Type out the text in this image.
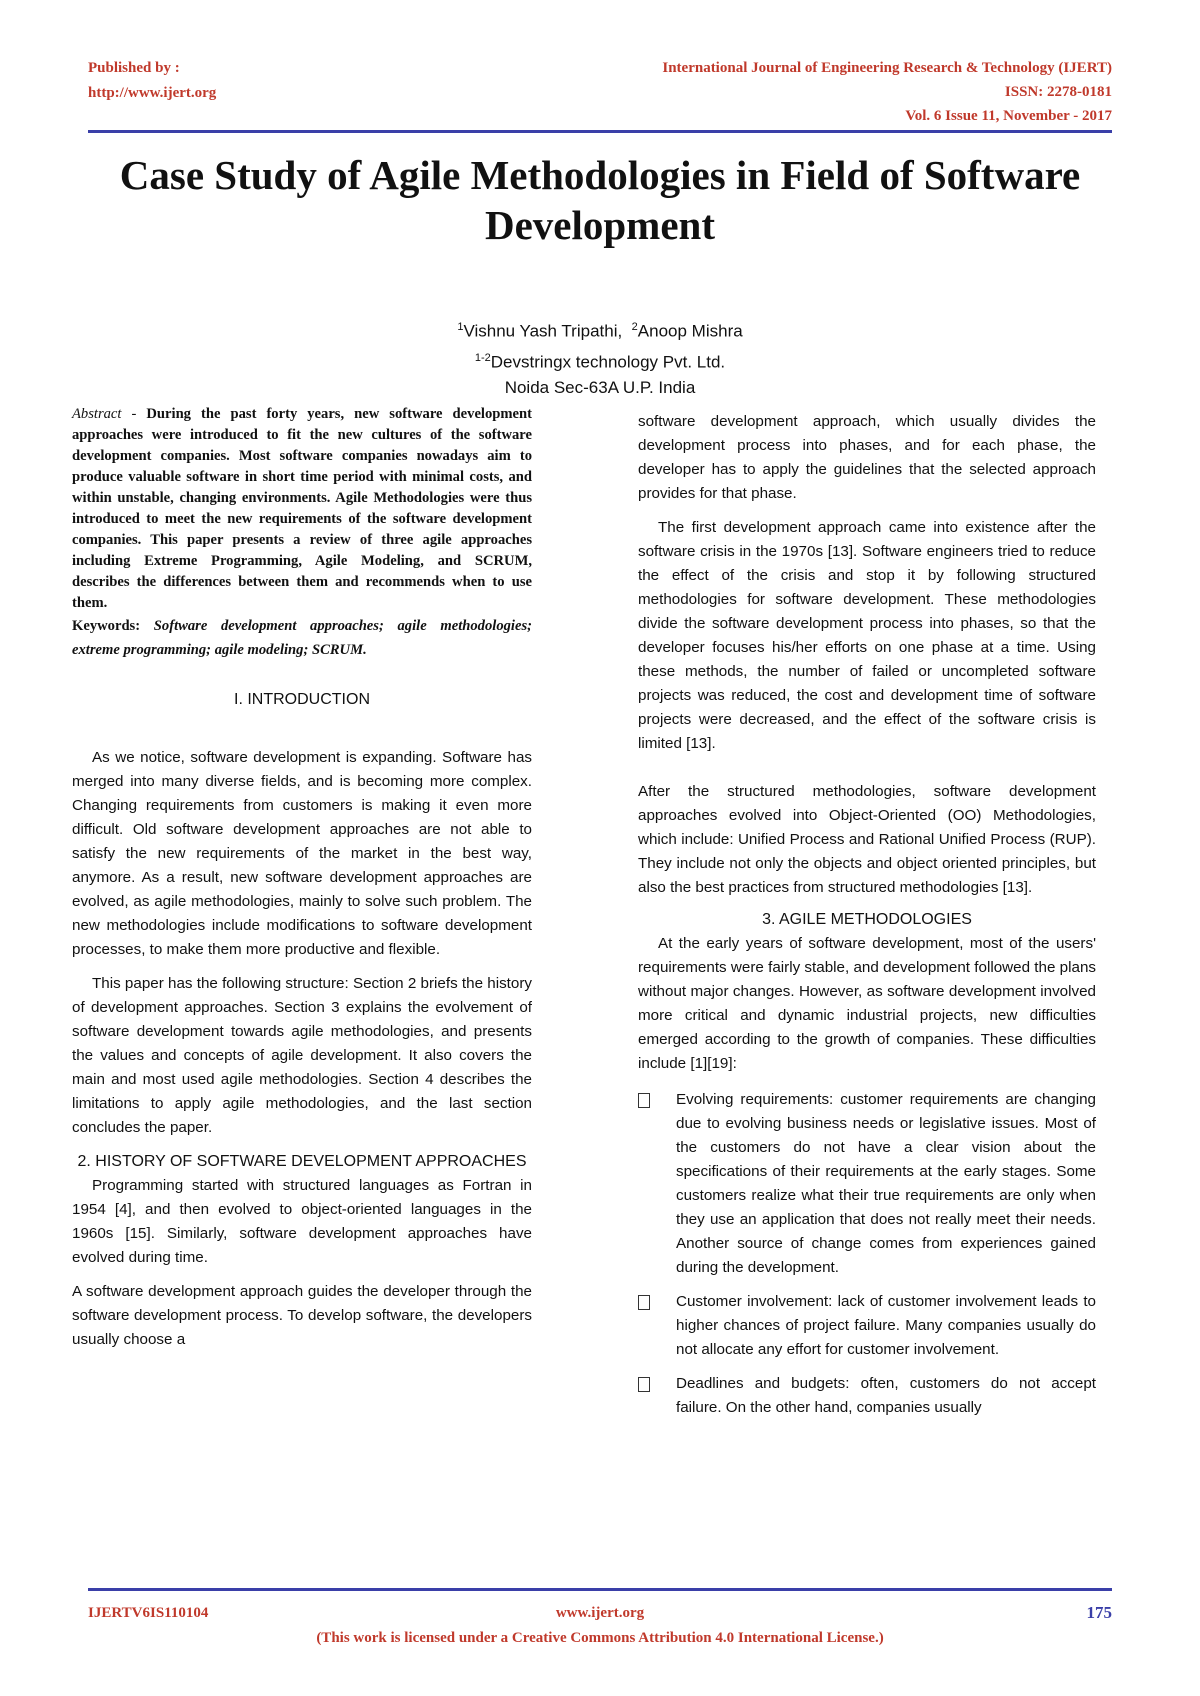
Published by :
http://www.ijert.org
International Journal of Engineering Research & Technology (IJERT)
ISSN: 2278-0181
Vol. 6 Issue 11, November - 2017
Case Study of Agile Methodologies in Field of Software Development
$^1$Vishnu Yash Tripathi, $^2$Anoop Mishra
$^{1-2}$Devstringx technology Pvt. Ltd.
Noida Sec-63A U.P. India

Abstract - During the past forty years, new software development approaches were introduced to fit the new cultures of the software development companies. Most software companies nowadays aim to produce valuable software in short time period with minimal costs, and within unstable, changing environments. Agile Methodologies were thus introduced to meet the new requirements of the software development companies. This paper presents a review of three agile approaches including Extreme Programming, Agile Modeling, and SCRUM, describes the differences between them and recommends when to use them.

Keywords: Software development approaches; agile methodologies; extreme programming; agile modeling; SCRUM.

I. INTRODUCTION

As we notice, software development is expanding. Software has merged into many diverse fields, and is becoming more complex. Changing requirements from customers is making it even more difficult. Old software development approaches are not able to satisfy the new requirements of the market in the best way, anymore. As a result, new software development approaches are evolved, as agile methodologies, mainly to solve such problem. The new methodologies include modifications to software development processes, to make them more productive and flexible.

This paper has the following structure: Section 2 briefs the history of development approaches. Section 3 explains the evolvement of software development towards agile methodologies, and presents the values and concepts of agile development. It also covers the main and most used agile methodologies. Section 4 describes the limitations to apply agile methodologies, and the last section concludes the paper.

2. HISTORY OF SOFTWARE DEVELOPMENT APPROACHES

Programming started with structured languages as Fortran in 1954 [4], and then evolved to object-oriented languages in the 1960s [15]. Similarly, software development approaches have evolved during time.

A software development approach guides the developer through the software development process. To develop software, the developers usually choose a

software development approach, which usually divides the development process into phases, and for each phase, the developer has to apply the guidelines that the selected approach provides for that phase.

The first development approach came into existence after the software crisis in the 1970s [13]. Software engineers tried to reduce the effect of the crisis and stop it by following structured methodologies for software development. These methodologies divide the software development process into phases, so that the developer focuses his/her efforts on one phase at a time. Using these methods, the number of failed or uncompleted software projects was reduced, the cost and development time of software projects were decreased, and the effect of the software crisis is limited [13].

After the structured methodologies, software development approaches evolved into Object-Oriented (OO) Methodologies, which include: Unified Process and Rational Unified Process (RUP). They include not only the objects and object oriented principles, but also the best practices from structured methodologies [13].

3. AGILE METHODOLOGIES

At the early years of software development, most of the users' requirements were fairly stable, and development followed the plans without major changes. However, as software development involved more critical and dynamic industrial projects, new difficulties emerged according to the growth of companies. These difficulties include [1][19]:

Evolving requirements: customer requirements are changing due to evolving business needs or legislative issues. Most of the customers do not have a clear vision about the specifications of their requirements at the early stages. Some customers realize what their true requirements are only when they use an application that does not really meet their needs. Another source of change comes from experiences gained during the development.
Customer involvement: lack of customer involvement leads to higher chances of project failure. Many companies usually do not allocate any effort for customer involvement.
Deadlines and budgets: often, customers do not accept failure. On the other hand, companies usually
IJERTV6IS110104	www.ijert.org	175
(This work is licensed under a Creative Commons Attribution 4.0 International License.)
